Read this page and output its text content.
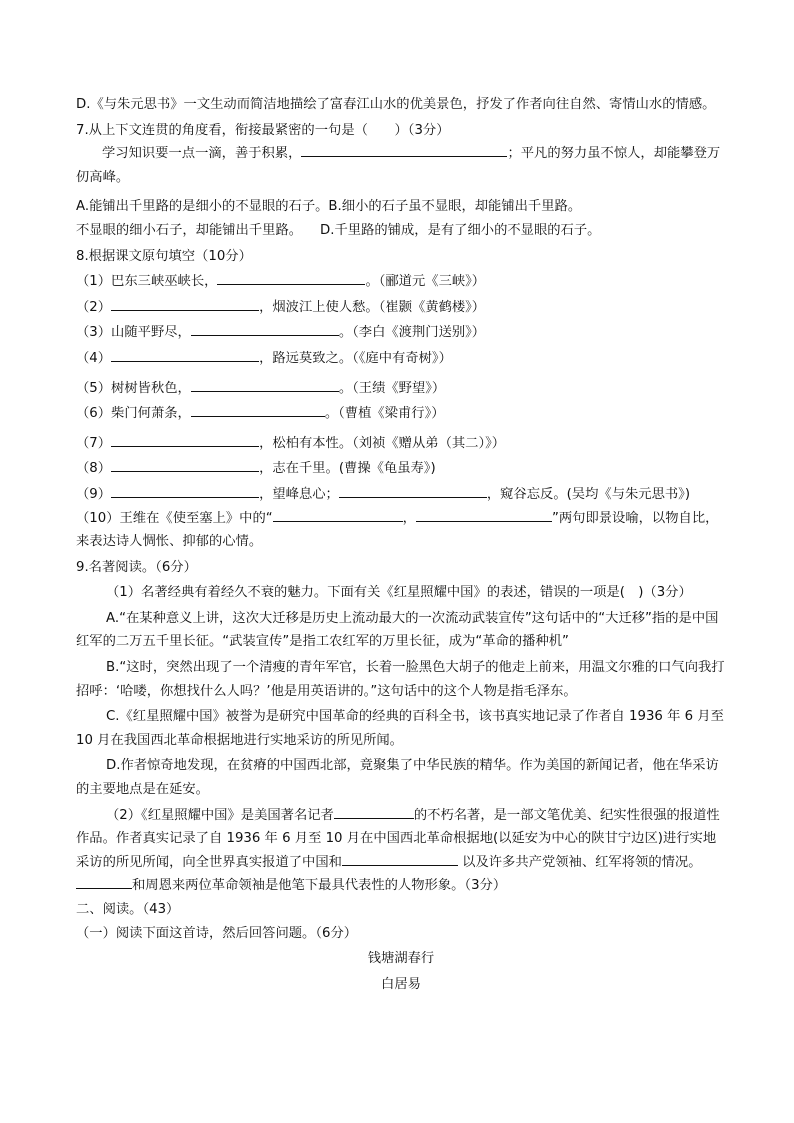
D.《与朱元思书》一文生动而简洁地描绘了富春江山水的优美景色，抒发了作者向往自然、寄情山水的情感。

7.从上下文连贯的角度看，衔接最紧密的一句是（　　）（3分）

学习知识要一点一滴，善于积累，	；平凡的努力虽不惊人，却能攀登万仞高峰。

A.能铺出千里路的是细小的不显眼的石子。B.细小的石子虽不显眼，却能铺出千里路。

不显眼的细小石子，却能铺出千里路。 D.千里路的铺成，是有了细小的不显眼的石子。

8.根据课文原句填空（10分）

（1）巴东三峡巫峡长，	。（郦道元《三峡》）

（2）	，烟波江上使人愁。（崔颢《黄鹤楼》）

（3）山随平野尽，	。（李白《渡荆门送别》）

（4）	，路远莫致之。（《庭中有奇树》）

（5）树树皆秋色，	。（王绩《野望》）

（6）柴门何萧条，	。（曹植《梁甫行》）

（7）	，松柏有本性。（刘祯《赠从弟（其二）》）

（8）	，志在千里。(曹操《龟虽寿》)

（9）	，望峰息心；	，窥谷忘反。(吴均《与朱元思书》)

（10）王维在《使至塞上》中的“	，	”两句即景设喻，以物自比，来表达诗人惆怅、抑郁的心情。

9.名著阅读。（6分）

（1）名著经典有着经久不衰的魅力。下面有关《红星照耀中国》的表述，错误的一项是(　)（3分）

A.“在某种意义上讲，这次大迁移是历史上流动最大的一次流动武装宣传”这句话中的“大迁移”指的是中国红军的二万五千里长征。“武装宣传”是指工农红军的万里长征，成为“革命的播种机”

B.“这时，突然出现了一个清瘦的青年军官，长着一脸黑色大胡子的他走上前来，用温文尔雅的口气向我打招呼：‘哈喽，你想找什么人吗？’他是用英语讲的。”这句话中的这个人物是指毛泽东。

C.《红星照耀中国》被誉为是研究中国革命的经典的百科全书，该书真实地记录了作者自 1936 年 6 月至 10 月在我国西北革命根据地进行实地采访的所见所闻。

D.作者惊奇地发现，在贫瘠的中国西北部，竟聚集了中华民族的精华。作为美国的新闻记者，他在华采访的主要地点是在延安。

（2）《红星照耀中国》是美国著名记者	的不朽名著，是一部文笔优美、纪实性很强的报道性作品。作者真实记录了自 1936 年 6 月至 10 月在中国西北革命根据地(以延安为中心的陕甘宁边区)进行实地采访的所见所闻，向全世界真实报道了中国和	以及许多共产党领袖、红军将领的情况。和周恩来两位革命领袖是他笔下最具代表性的人物形象。（3分）

二、阅读。（43）

（一）阅读下面这首诗，然后回答问题。（6分）

钱塘湖春行

白居易
